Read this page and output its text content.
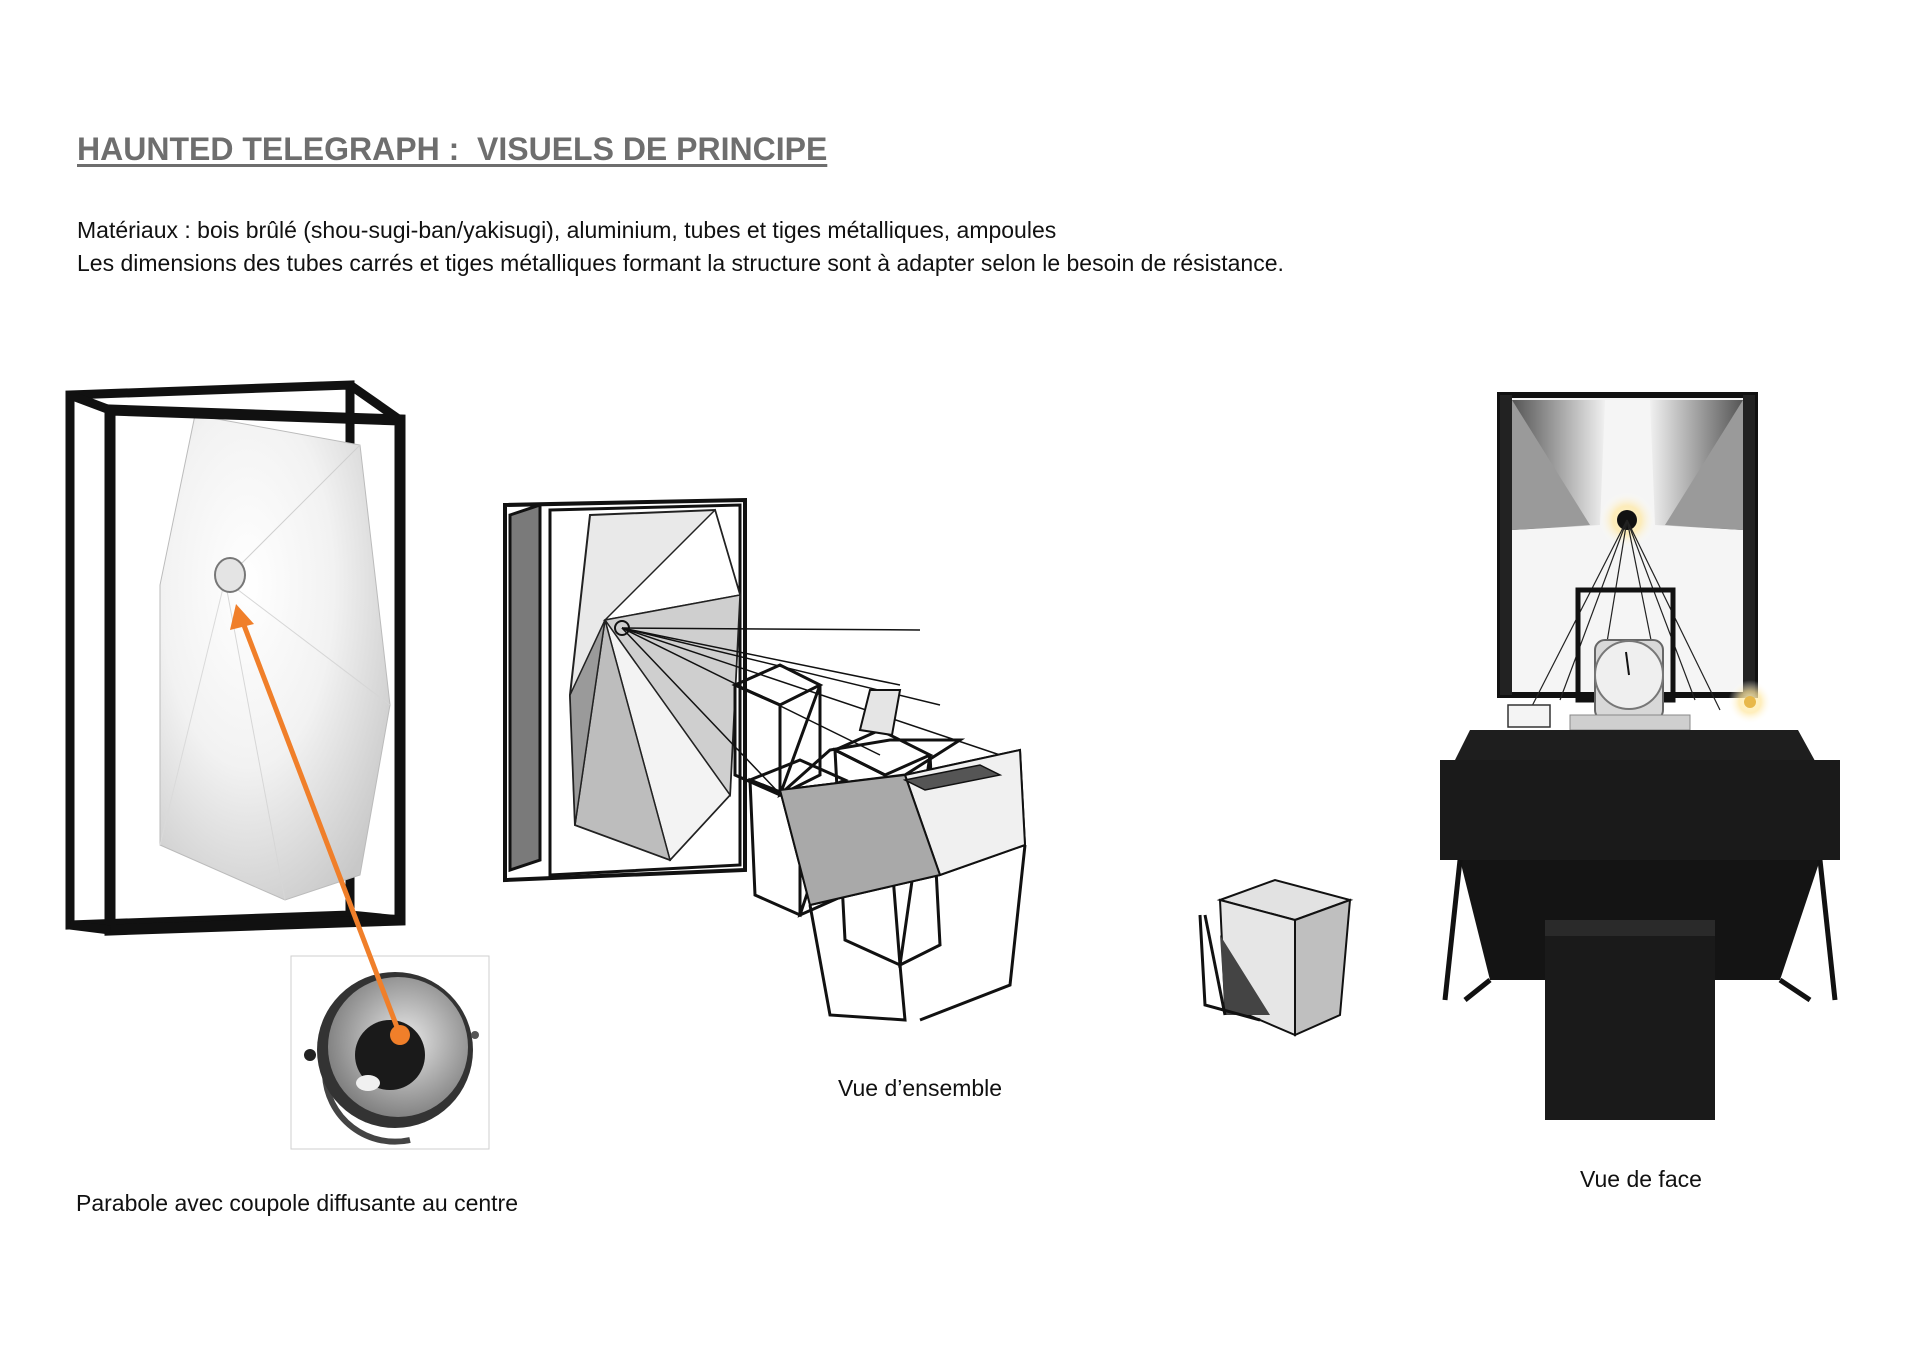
HAUNTED TELEGRAPH :  VISUELS DE PRINCIPE
Matériaux : bois brûlé (shou-sugi-ban/yakisugi), aluminium, tubes et tiges métalliques, ampoules
Les dimensions des tubes carrés et tiges métalliques formant la structure sont à adapter selon le besoin de résistance.
Parabole avec coupole diffusante au centre
Vue d’ensemble
Vue de face
